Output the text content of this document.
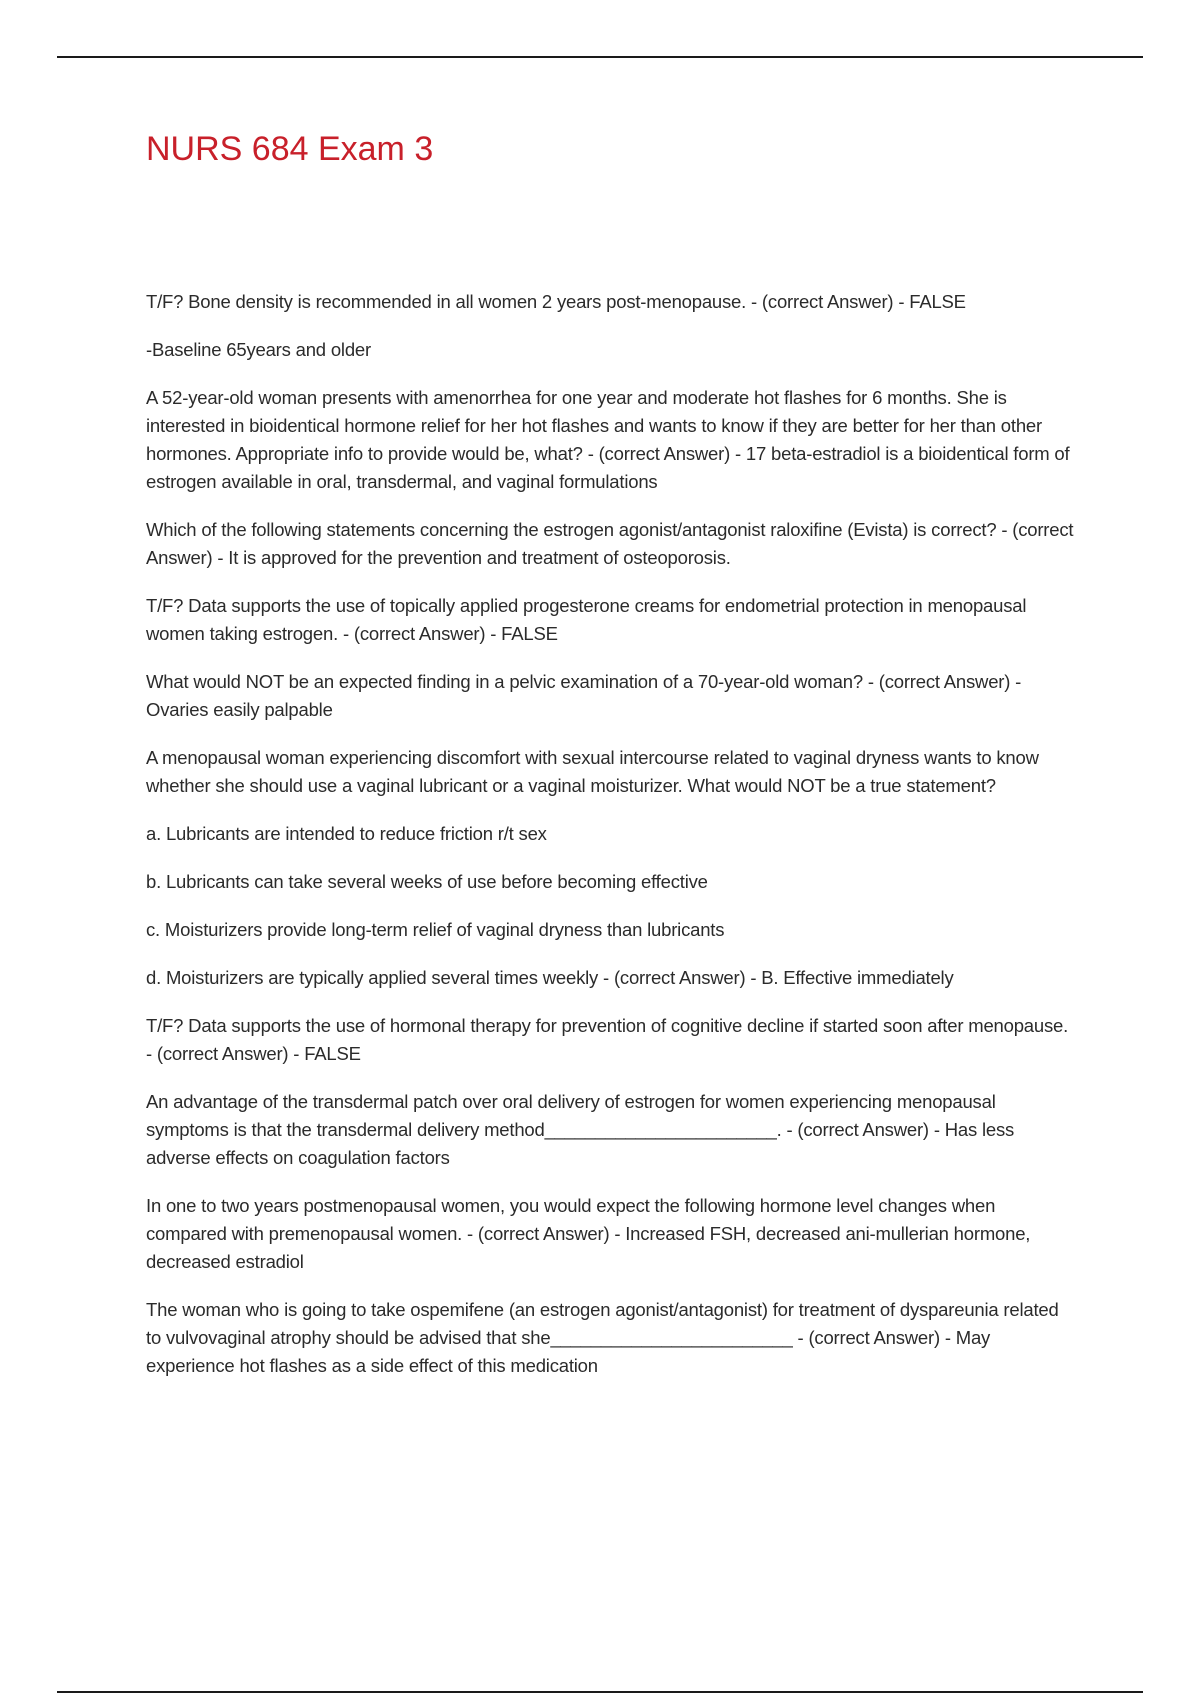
NURS 684 Exam 3

T/F? Bone density is recommended in all women 2 years post-menopause. - (correct Answer) - FALSE

-Baseline 65years and older

A 52-year-old woman presents with amenorrhea for one year and moderate hot flashes for 6 months. She is interested in bioidentical hormone relief for her hot flashes and wants to know if they are better for her than other hormones. Appropriate info to provide would be, what? - (correct Answer) - 17 beta-estradiol is a bioidentical form of estrogen available in oral, transdermal, and vaginal formulations

Which of the following statements concerning the estrogen agonist/antagonist raloxifine (Evista) is correct? - (correct Answer) - It is approved for the prevention and treatment of osteoporosis.

T/F? Data supports the use of topically applied progesterone creams for endometrial protection in menopausal women taking estrogen. - (correct Answer) - FALSE

What would NOT be an expected finding in a pelvic examination of a 70-year-old woman? - (correct Answer) - Ovaries easily palpable

A menopausal woman experiencing discomfort with sexual intercourse related to vaginal dryness wants to know whether she should use a vaginal lubricant or a vaginal moisturizer. What would NOT be a true statement?

a. Lubricants are intended to reduce friction r/t sex

b. Lubricants can take several weeks of use before becoming effective

c. Moisturizers provide long-term relief of vaginal dryness than lubricants

d. Moisturizers are typically applied several times weekly - (correct Answer) - B. Effective immediately

T/F? Data supports the use of hormonal therapy for prevention of cognitive decline if started soon after menopause. - (correct Answer) - FALSE

An advantage of the transdermal patch over oral delivery of estrogen for women experiencing menopausal symptoms is that the transdermal delivery method_______________________. - (correct Answer) - Has less adverse effects on coagulation factors

In one to two years postmenopausal women, you would expect the following hormone level changes when compared with premenopausal women. - (correct Answer) - Increased FSH, decreased ani-mullerian hormone, decreased estradiol

The woman who is going to take ospemifene (an estrogen agonist/antagonist) for treatment of dyspareunia related to vulvovaginal atrophy should be advised that she________________________ - (correct Answer) - May experience hot flashes as a side effect of this medication
